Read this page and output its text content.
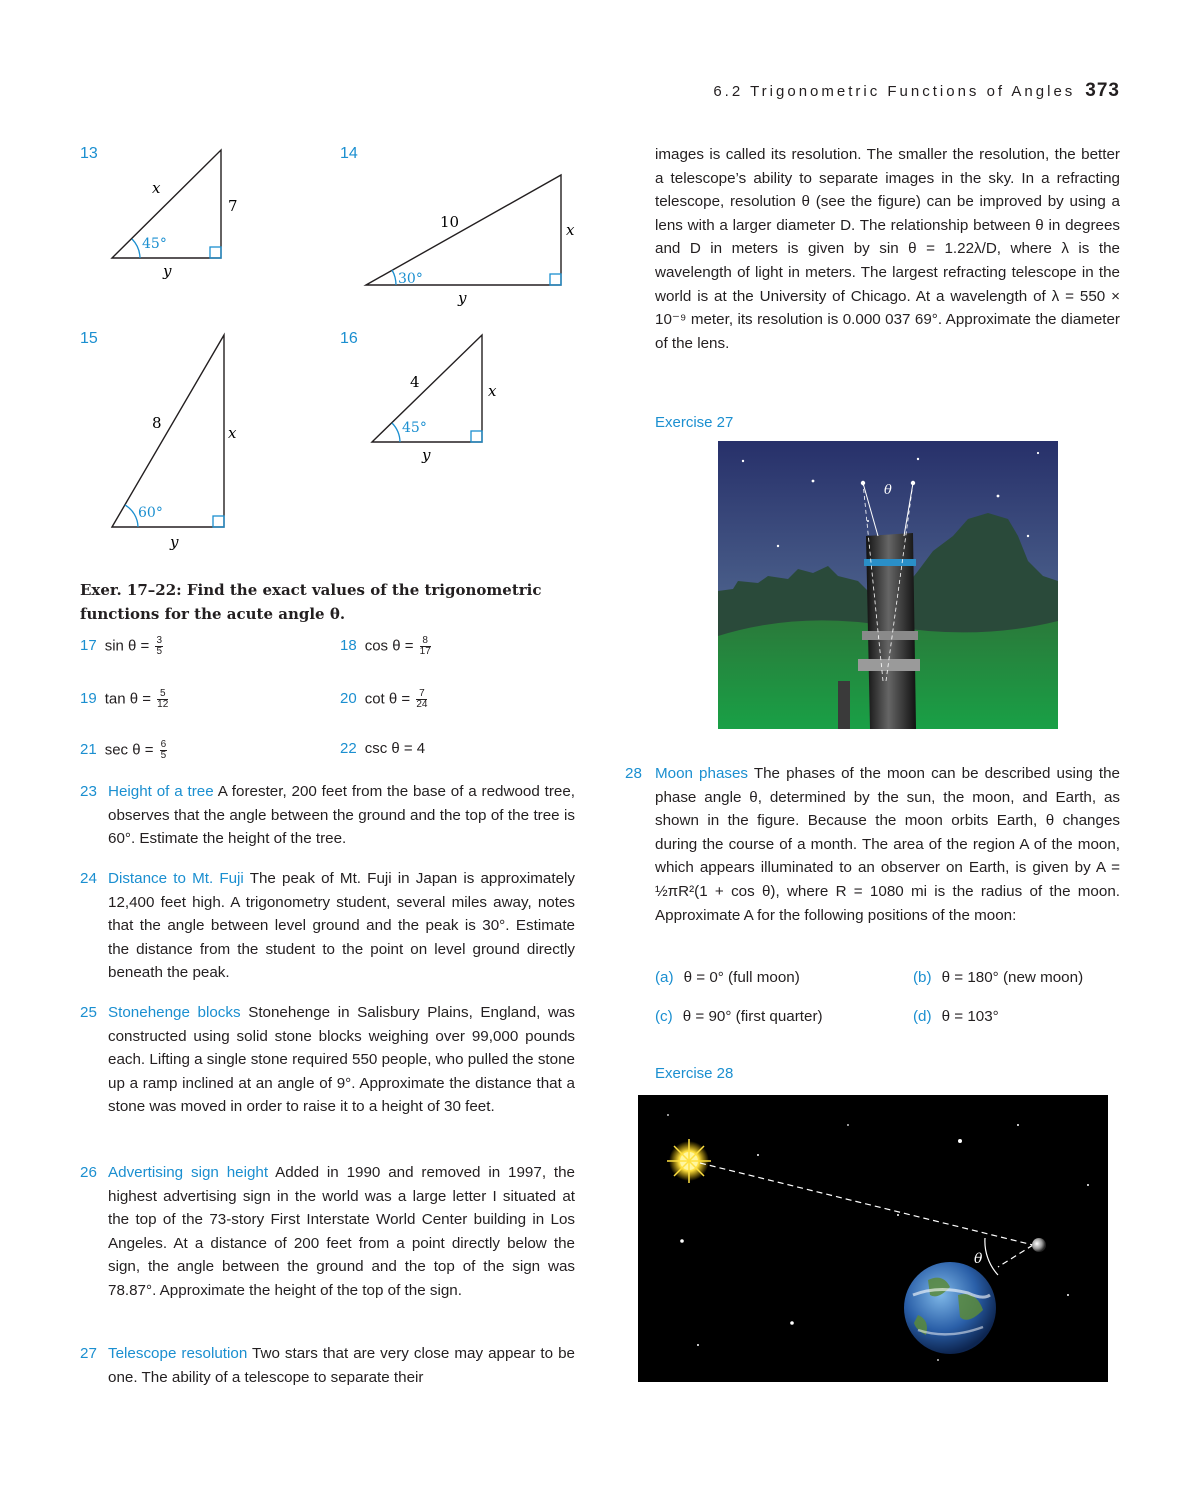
6.2 Trigonometric Functions of Angles 373
13
x
7
y
45°
14
10	x
y
30°
15
8
x
y
60°
16
4	x
y
45°
Exer. 17–22: Find the exact values of the trigonometric functions for the acute angle θ.
17 $\sin \theta = \frac{3}{5}$	18 $\cos \theta = \frac{8}{17}$
19 $\tan \theta = \frac{5}{12}$	20 $\cot \theta = \frac{7}{24}$
21 $\sec \theta = \frac{6}{5}$	22 csc θ = 4
23 Height of a tree A forester, 200 feet from the base of a redwood tree, observes that the angle between the ground and the top of the tree is 60°. Estimate the height of the tree.
24 Distance to Mt. Fuji The peak of Mt. Fuji in Japan is approximately 12,400 feet high. A trigonometry student, several miles away, notes that the angle between level ground and the peak is 30°. Estimate the distance from the student to the point on level ground directly beneath the peak.
25 Stonehenge blocks Stonehenge in Salisbury Plains, England, was constructed using solid stone blocks weighing over 99,000 pounds each. Lifting a single stone required 550 people, who pulled the stone up a ramp inclined at an angle of 9°. Approximate the distance that a stone was moved in order to raise it to a height of 30 feet.
26 Advertising sign height Added in 1990 and removed in 1997, the highest advertising sign in the world was a large letter I situated at the top of the 73-story First Interstate World Center building in Los Angeles. At a distance of 200 feet from a point directly below the sign, the angle between the ground and the top of the sign was 78.87°. Approximate the height of the top of the sign.
27 Telescope resolution Two stars that are very close may appear to be one. The ability of a telescope to separate their
images is called its resolution. The smaller the resolution, the better a telescope’s ability to separate images in the sky. In a refracting telescope, resolution θ (see the figure) can be improved by using a lens with a larger diameter D. The relationship between θ in degrees and D in meters is given by sin θ = 1.22λ/D, where λ is the wavelength of light in meters. The largest refracting telescope in the world is at the University of Chicago. At a wavelength of λ = 550 × 10⁻⁹ meter, its resolution is 0.000 037 69°. Approximate the diameter of the lens.
Exercise 27
θ
28 Moon phases The phases of the moon can be described using the phase angle θ, determined by the sun, the moon, and Earth, as shown in the figure. Because the moon orbits Earth, θ changes during the course of a month. The area of the region A of the moon, which appears illuminated to an observer on Earth, is given by A = ½πR²(1 + cos θ), where R = 1080 mi is the radius of the moon. Approximate A for the following positions of the moon:
(a) θ = 0° (full moon)	(b) θ = 180° (new moon)
(c) θ = 90° (first quarter)	(d) θ = 103°
Exercise 28
θ
